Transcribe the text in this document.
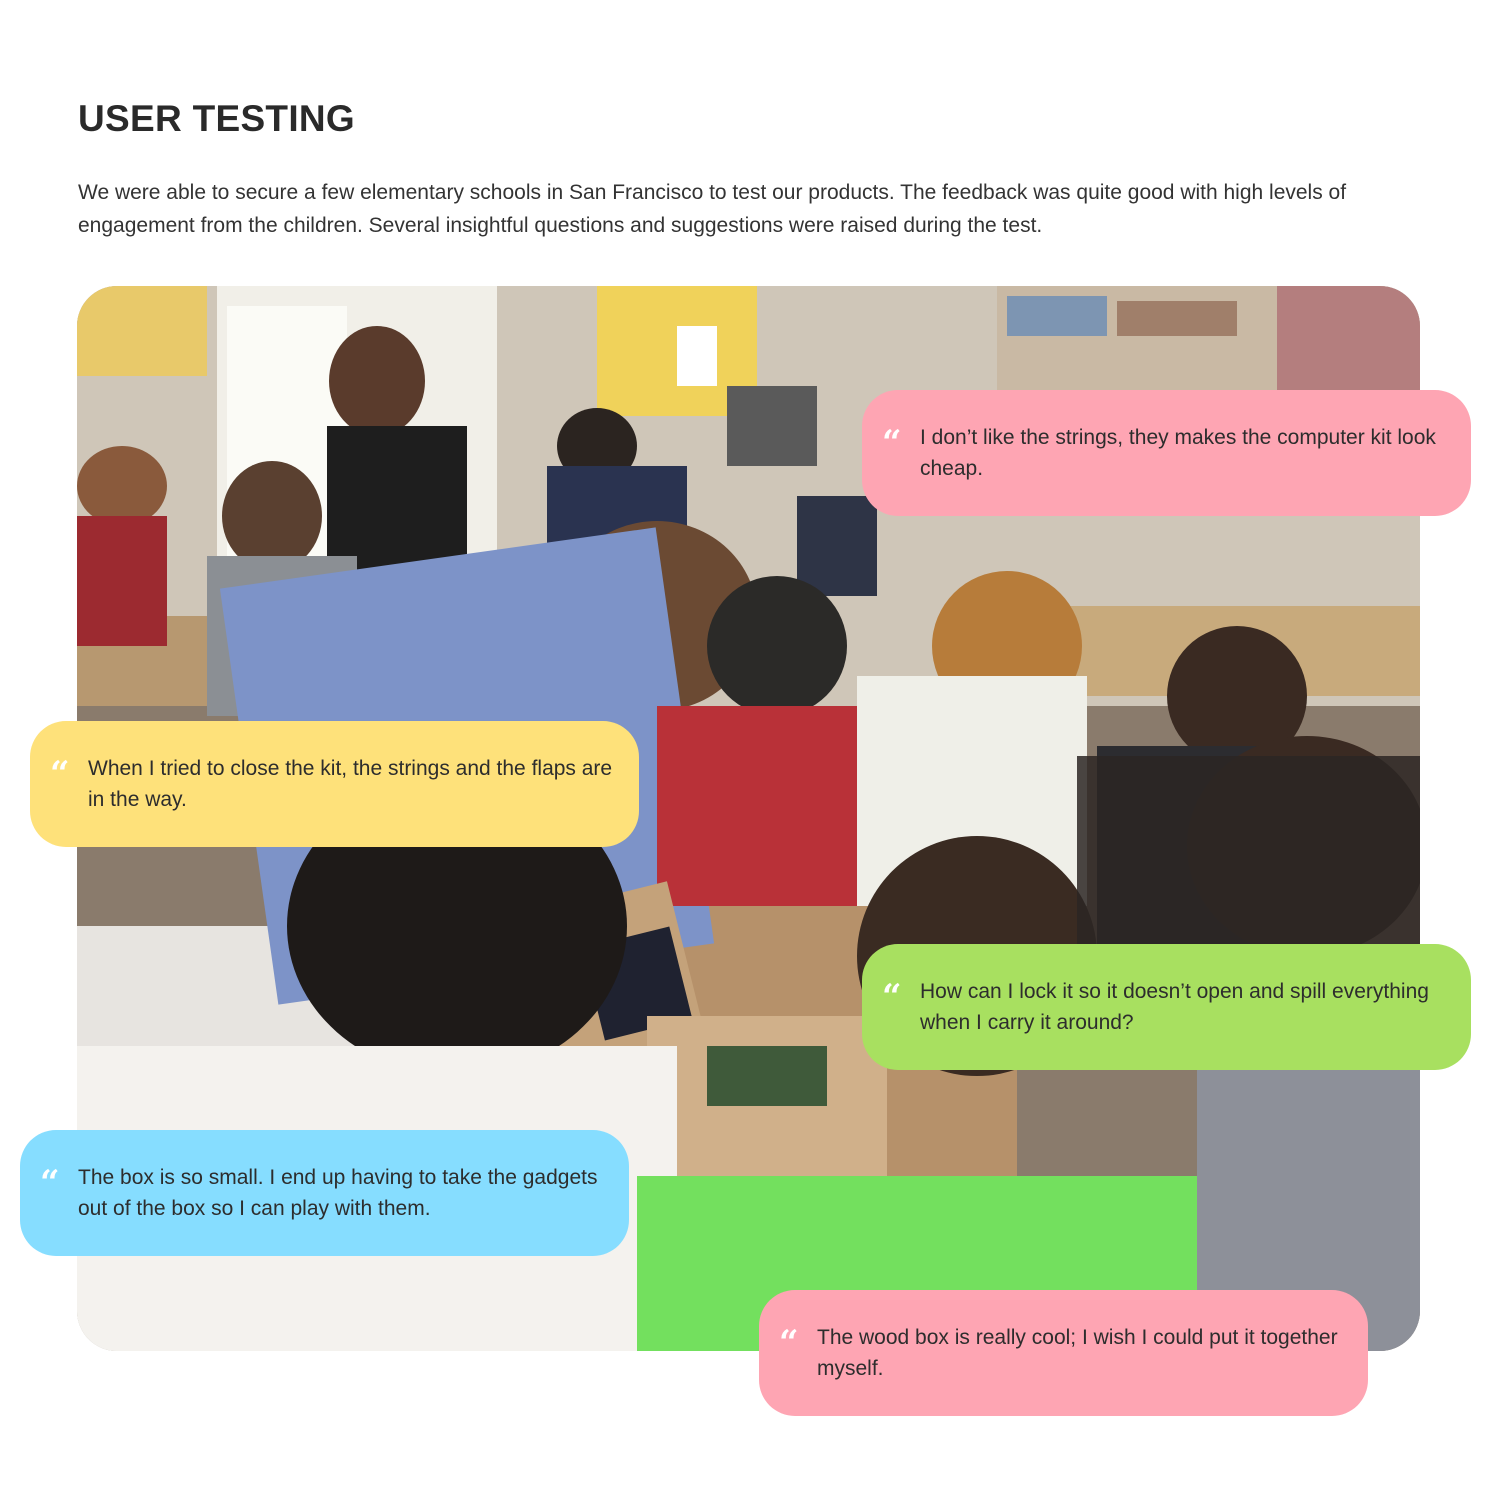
USER TESTING

We were able to secure a few elementary schools in San Francisco to test our products. The feedback was quite good with high levels of engagement from the children. Several insightful questions and suggestions were raised during the test.

“ I don’t like the strings, they makes the computer kit look cheap.
“ When I tried to close the kit, the strings and the flaps are in the way.
“ How can I lock it so it doesn’t open and spill everything when I carry it around?
“ The box is so small. I end up having to take the gadgets out of the box so I can play with them.
“ The wood box is really cool; I wish I could put it together myself.
